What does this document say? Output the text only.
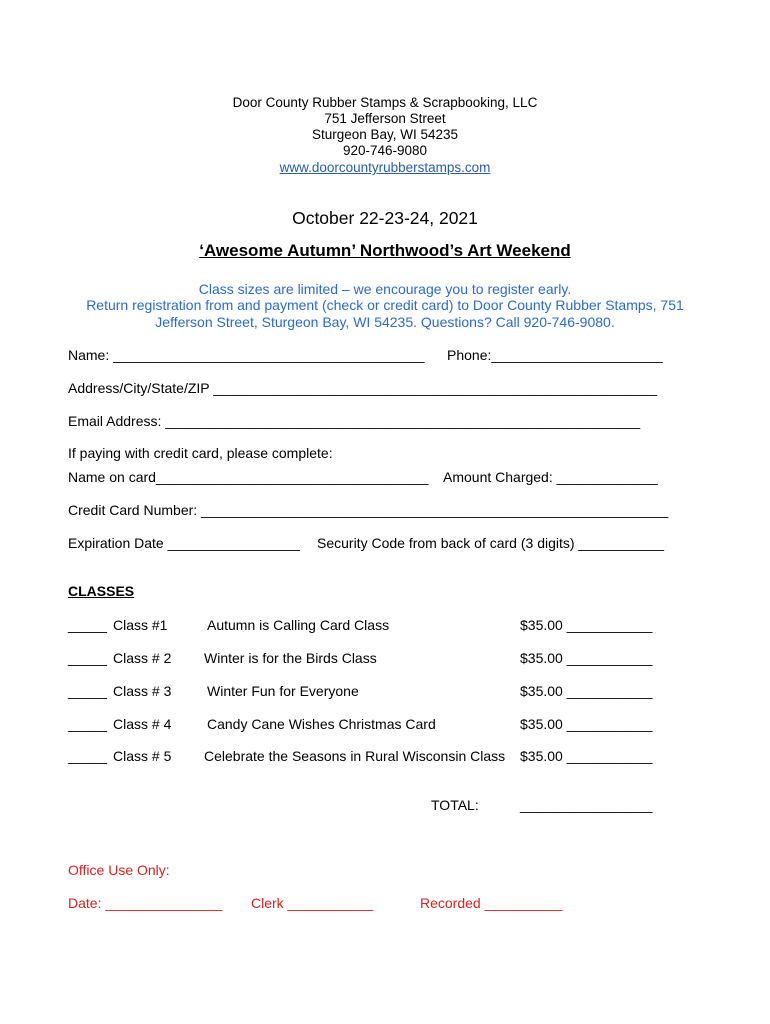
Door County Rubber Stamps & Scrapbooking, LLC
751 Jefferson Street
Sturgeon Bay, WI 54235
920-746-9080
www.doorcountyrubberstamps.com
October 22-23-24, 2021
‘Awesome Autumn’ Northwood’s Art Weekend
Class sizes are limited – we encourage you to register early.
Return registration from and payment (check or credit card) to Door County Rubber Stamps, 751
Jefferson Street, Sturgeon Bay, WI 54235. Questions? Call 920-746-9080.
Name: ________________________________________ Phone:______________________
Address/City/State/ZIP _________________________________________________________
Email Address: _____________________________________________________________
If paying with credit card, please complete:
Name on card___________________________________ Amount Charged: _____________
Credit Card Number: ____________________________________________________________
Expiration Date _________________ Security Code from back of card (3 digits) ___________
CLASSES
_____ Class #1	Autumn is Calling Card Class	$35.00 ___________
_____ Class # 2 Winter is for the Birds Class	$35.00 ___________
_____ Class # 3	Winter Fun for Everyone	$35.00 ___________
_____ Class # 4	Candy Cane Wishes Christmas Card	$35.00 ___________
_____ Class # 5 Celebrate the Seasons in Rural Wisconsin Class $35.00 ___________
TOTAL:	_________________
Office Use Only:
Date: _______________ Clerk ___________	Recorded __________
